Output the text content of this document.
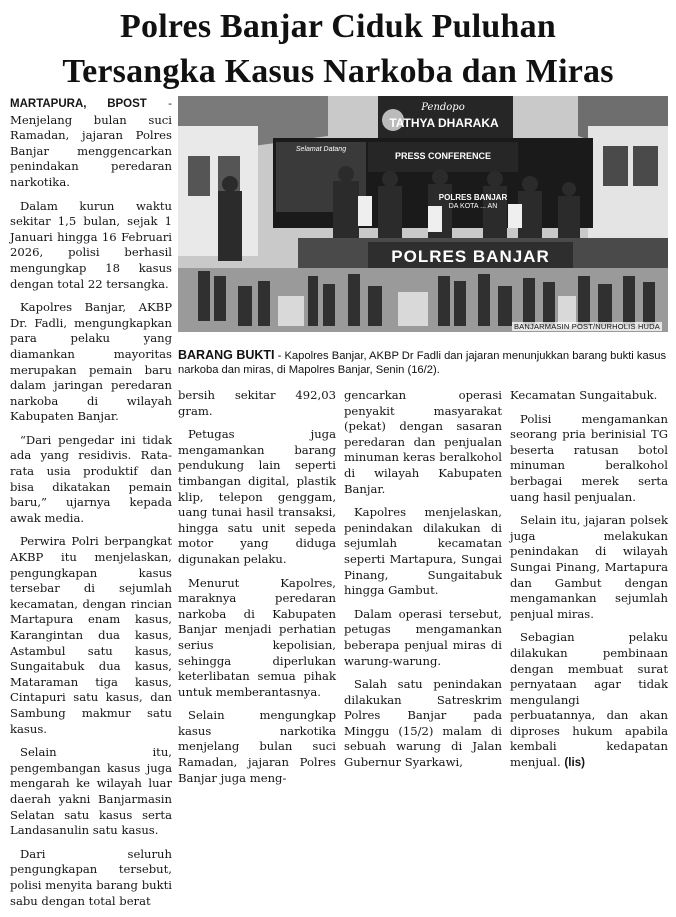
Polres Banjar Ciduk Puluhan
Tersangka Kasus Narkoba dan Miras
Pendopo
TATHYA DHARAKA
Selamat Datang
PRESS CONFERENCE
POLRES BANJAR
DA KOTA ... AN
POLRES BANJAR
BANJARMASIN POST/NURHOLIS HUDA
BARANG BUKTI - Kapolres Banjar, AKBP Dr Fadli dan jajaran menunjukkan barang bukti kasus narkoba dan miras, di Mapolres Banjar, Senin (16/2).

MARTAPURA, BPOST - Menjelang bulan suci Ramadan, jajaran Polres Banjar menggencarkan penindakan peredaran narkotika.

Dalam kurun waktu sekitar 1,5 bulan, sejak 1 Januari hingga 16 Februari 2026, polisi berhasil mengungkap 18 kasus dengan total 22 tersangka.

Kapolres Banjar, AKBP Dr. Fadli, mengungkapkan para pelaku yang diamankan mayoritas merupakan pemain baru dalam jaringan peredaran narkoba di wilayah Kabupaten Banjar.

“Dari pengedar ini tidak ada yang residivis. Rata-rata usia produktif dan bisa dikatakan pemain baru,” ujarnya kepada awak media.

Perwira Polri berpangkat AKBP itu menjelaskan, pengungkapan kasus tersebar di sejumlah kecamatan, dengan rincian Martapura enam kasus, Karangintan dua kasus, Astambul satu kasus, Sungaitabuk dua kasus, Mataraman tiga kasus, Cintapuri satu kasus, dan Sambung makmur satu kasus.

Selain itu, pengembangan kasus juga mengarah ke wilayah luar daerah yakni Banjarmasin Selatan satu kasus serta Landasanulin satu kasus.

Dari seluruh pengungkapan tersebut, polisi menyita barang bukti sabu dengan total berat

bersih sekitar 492,03 gram.

Petugas juga mengamankan barang pendukung lain seperti timbangan digital, plastik klip, telepon genggam, uang tunai hasil transaksi, hingga satu unit sepeda motor yang diduga digunakan pelaku.

Menurut Kapolres, maraknya peredaran narkoba di Kabupaten Banjar menjadi perhatian serius kepolisian, sehingga diperlukan keterlibatan semua pihak untuk memberantasnya.

Selain mengungkap kasus narkotika menjelang bulan suci Ramadan, jajaran Polres Banjar juga meng-

gencarkan operasi penyakit masyarakat (pekat) dengan sasaran peredaran dan penjualan minuman keras beralkohol di wilayah Kabupaten Banjar.

Kapolres menjelaskan, penindakan dilakukan di sejumlah kecamatan seperti Martapura, Sungai Pinang, Sungaitabuk hingga Gambut.

Dalam operasi tersebut, petugas mengamankan beberapa penjual miras di warung-warung.

Salah satu penindakan dilakukan Satreskrim Polres Banjar pada Minggu (15/2) malam di sebuah warung di Jalan Gubernur Syarkawi,

Kecamatan Sungaitabuk.

Polisi mengamankan seorang pria berinisial TG beserta ratusan botol minuman beralkohol berbagai merek serta uang hasil penjualan.

Selain itu, jajaran polsek juga melakukan penindakan di wilayah Sungai Pinang, Martapura dan Gambut dengan mengamankan sejumlah penjual miras.

Sebagian pelaku dilakukan pembinaan dengan membuat surat pernyataan agar tidak mengulangi perbuatannya, dan akan diproses hukum apabila kembali kedapatan menjual. (lis)
